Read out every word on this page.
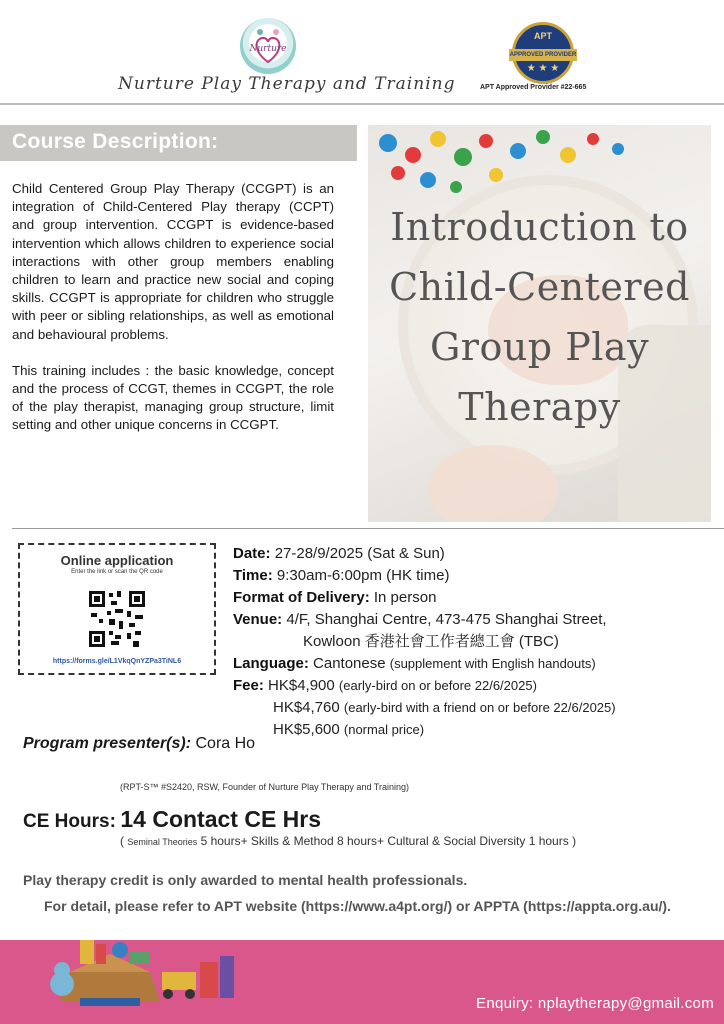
Nurture
Nurture Play Therapy and Training
APT
APPROVED PROVIDER
★ ★ ★
APT Approved Provider #22-665
Course Description:

Child Centered Group Play Therapy (CCGPT) is an integration of Child-Centered Play therapy (CCPT) and group intervention. CCGPT is evidence-based intervention which allows children to experience social interactions with other group members enabling children to learn and practice new social and coping skills. CCGPT is appropriate for children who struggle with peer or sibling relationships, as well as emotional and behavioural problems.

This training includes : the basic knowledge, concept and the process of CCGT, themes in CCGPT, the role of the play therapist, managing group structure, limit setting and other unique concerns in CCGPT.

Introduction to
Child-Centered
Group Play
Therapy
Online application
Enter the link or scan the QR code
https://forms.gle/L1VkqQnYZPa3TiNL6
Date: 27-28/9/2025 (Sat & Sun)
Time: 9:30am-6:00pm (HK time)
Format of Delivery: In person
Venue: 4/F, Shanghai Centre, 473-475 Shanghai Street,
Kowloon 香港社會工作者總工會 (TBC)
Language: Cantonese (supplement with English handouts)
Fee: HK$4,900 (early-bird on or before 22/6/2025)
HK$4,760 (early-bird with a friend on or before 22/6/2025)
HK$5,600 (normal price)
Program presenter(s): Cora Ho
(RPT-S™ #S2420, RSW, Founder of Nurture Play Therapy and Training)
CE Hours: 14 Contact CE Hrs
( Seminal Theories 5 hours+ Skills & Method 8 hours+ Cultural & Social Diversity 1 hours )
Play therapy credit is only awarded to mental health professionals.
For detail, please refer to APT website (https://www.a4pt.org/) or APPTA (https://appta.org.au/).
Enquiry: nplaytherapy@gmail.com
